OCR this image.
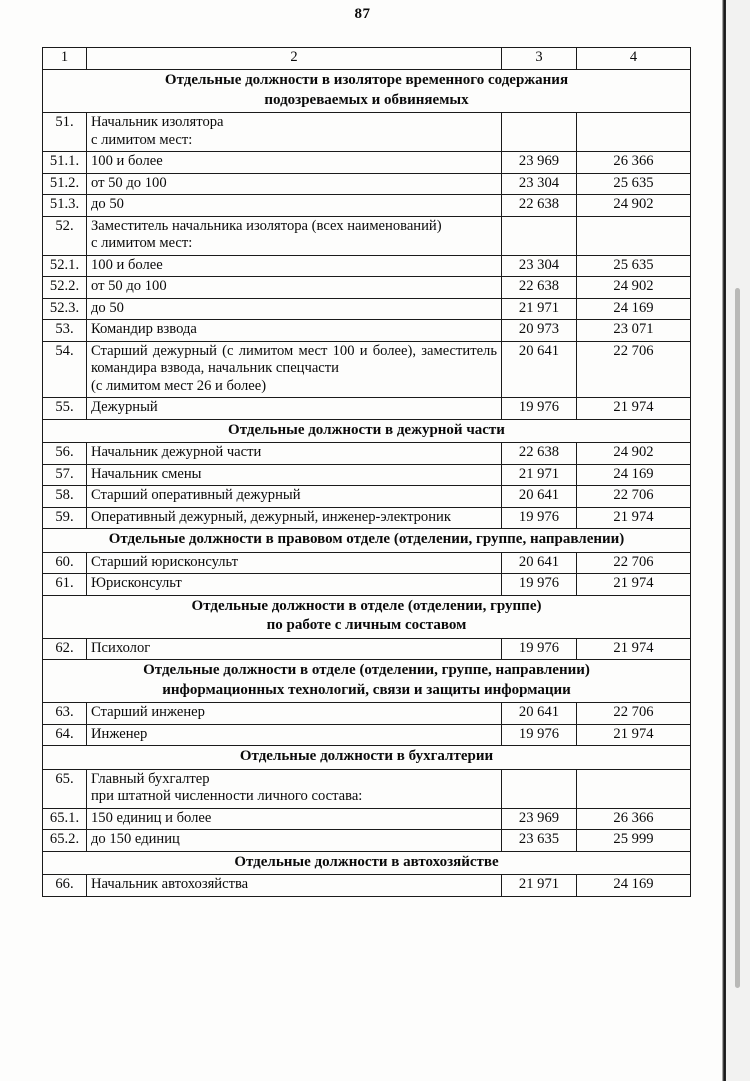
87
1	2	3	4

Отдельные должности в изоляторе временного содержания
подозреваемых и обвиняемых			

51.	Начальник изолятора
с лимитом мест:		

51.1.	100 и более	23 969	26 366
51.2.	от 50 до 100	23 304	25 635
51.3.	до 50	22 638	24 902
52.	Заместитель начальника изолятора (всех наименований)
с лимитом мест:		

52.1.	100 и более	23 304	25 635
52.2.	от 50 до 100	22 638	24 902
52.3.	до 50	21 971	24 169
53.	Командир взвода	20 973	23 071
54.	Старший дежурный (с лимитом мест 100 и более), заместитель командира взвода, начальник спецчасти
(с лимитом мест 26 и более)	20 641	22 706
55.	Дежурный	19 976	21 974

Отдельные должности в дежурной части			

56.	Начальник дежурной части	22 638	24 902
57.	Начальник смены	21 971	24 169
58.	Старший оперативный дежурный	20 641	22 706
59.	Оперативный дежурный, дежурный, инженер-электроник	19 976	21 974

Отдельные должности в правовом отделе (отделении, группе, направлении)			

60.	Старший юрисконсульт	20 641	22 706
61.	Юрисконсульт	19 976	21 974

Отдельные должности в отделе (отделении, группе)
по работе с личным составом			

62.	Психолог	19 976	21 974

Отдельные должности в отделе (отделении, группе, направлении)
информационных технологий, связи и защиты информации			

63.	Старший инженер	20 641	22 706
64.	Инженер	19 976	21 974

Отдельные должности в бухгалтерии			

65.	Главный бухгалтер
при штатной численности личного состава:		

65.1.	150 единиц и более	23 969	26 366
65.2.	до 150 единиц	23 635	25 999

Отдельные должности в автохозяйстве			

66.	Начальник автохозяйства	21 971	24 169
